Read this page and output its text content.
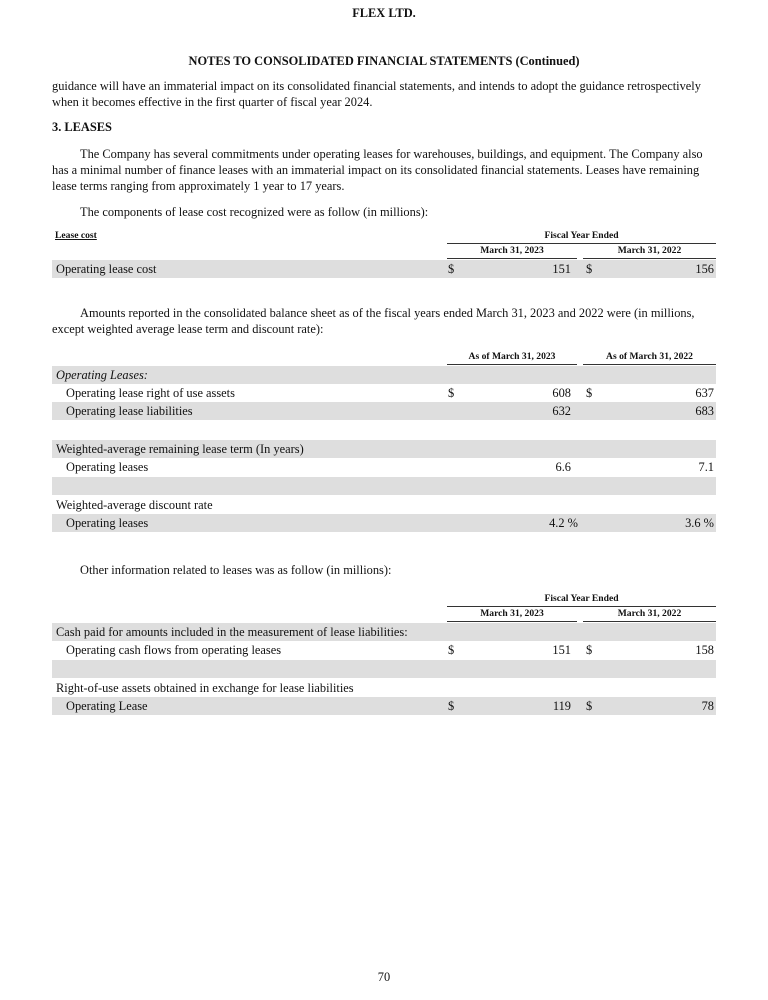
FLEX LTD.
NOTES TO CONSOLIDATED FINANCIAL STATEMENTS (Continued)
guidance will have an immaterial impact on its consolidated financial statements, and intends to adopt the guidance retrospectively when it becomes effective in the first quarter of fiscal year 2024.
3. LEASES
The Company has several commitments under operating leases for warehouses, buildings, and equipment. The Company also has a minimal number of finance leases with an immaterial impact on its consolidated financial statements. Leases have remaining lease terms ranging from approximately 1 year to 17 years.
The components of lease cost recognized were as follow (in millions):
Lease cost	Fiscal Year Ended
March 31, 2023	March 31, 2022
Operating lease cost	$	151 $	156
Amounts reported in the consolidated balance sheet as of the fiscal years ended March 31, 2023 and 2022 were (in millions, except weighted average lease term and discount rate):
As of March 31, 2023	As of March 31, 2022
Operating Leases:
Operating lease right of use assets	$	608 $	637
Operating lease liabilities	632	683
Weighted-average remaining lease term (In years)
Operating leases	6.6	7.1
Weighted-average discount rate
Operating leases	4.2 %	3.6 %
Other information related to leases was as follow (in millions):
Fiscal Year Ended
March 31, 2023	March 31, 2022
Cash paid for amounts included in the measurement of lease liabilities:
Operating cash flows from operating leases	$	151 $	158
Right-of-use assets obtained in exchange for lease liabilities
Operating Lease	$	119 $	78
70
